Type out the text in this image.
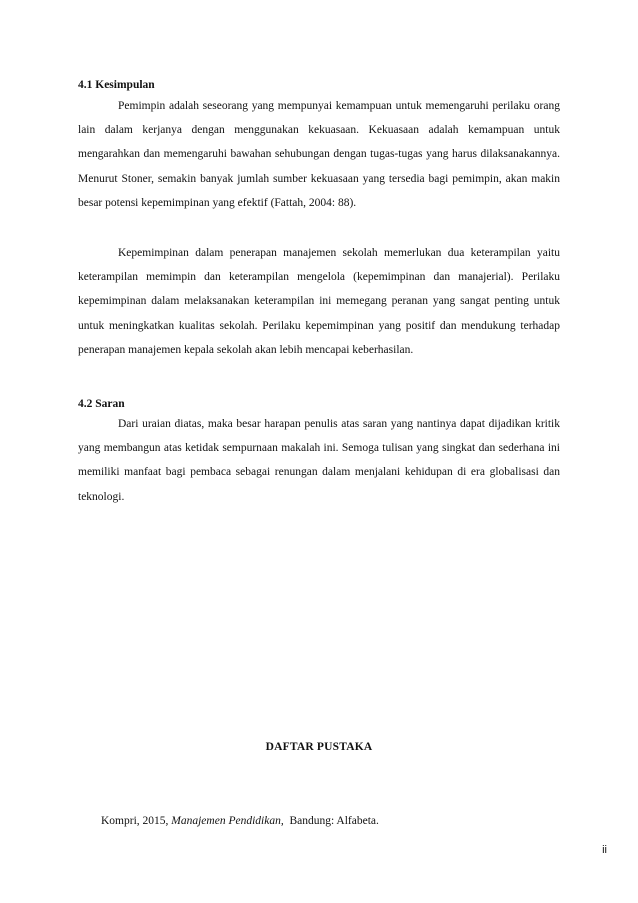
4.1 Kesimpulan

Pemimpin adalah seseorang yang mempunyai kemampuan untuk memengaruhi perilaku orang lain dalam kerjanya dengan menggunakan kekuasaan. Kekuasaan adalah kemampuan untuk mengarahkan dan memengaruhi bawahan sehubungan dengan tugas-tugas yang harus dilaksanakannya. Menurut Stoner, semakin banyak jumlah sumber kekuasaan yang tersedia bagi pemimpin, akan makin besar potensi kepemimpinan yang efektif (Fattah, 2004: 88).

Kepemimpinan dalam penerapan manajemen sekolah memerlukan dua keterampilan yaitu keterampilan memimpin dan keterampilan mengelola (kepemimpinan dan manajerial). Perilaku kepemimpinan dalam melaksanakan keterampilan ini memegang peranan yang sangat penting untuk untuk meningkatkan kualitas sekolah. Perilaku kepemimpinan yang positif dan mendukung terhadap penerapan manajemen kepala sekolah akan lebih mencapai keberhasilan.

4.2 Saran

Dari uraian diatas, maka besar harapan penulis atas saran yang nantinya dapat dijadikan kritik yang membangun atas ketidak sempurnaan makalah ini. Semoga tulisan yang singkat dan sederhana ini memiliki manfaat bagi pembaca sebagai renungan dalam menjalani kehidupan di era globalisasi dan teknologi.

DAFTAR PUSTAKA
Kompri, 2015, Manajemen Pendidikan,  Bandung: Alfabeta.
ii
